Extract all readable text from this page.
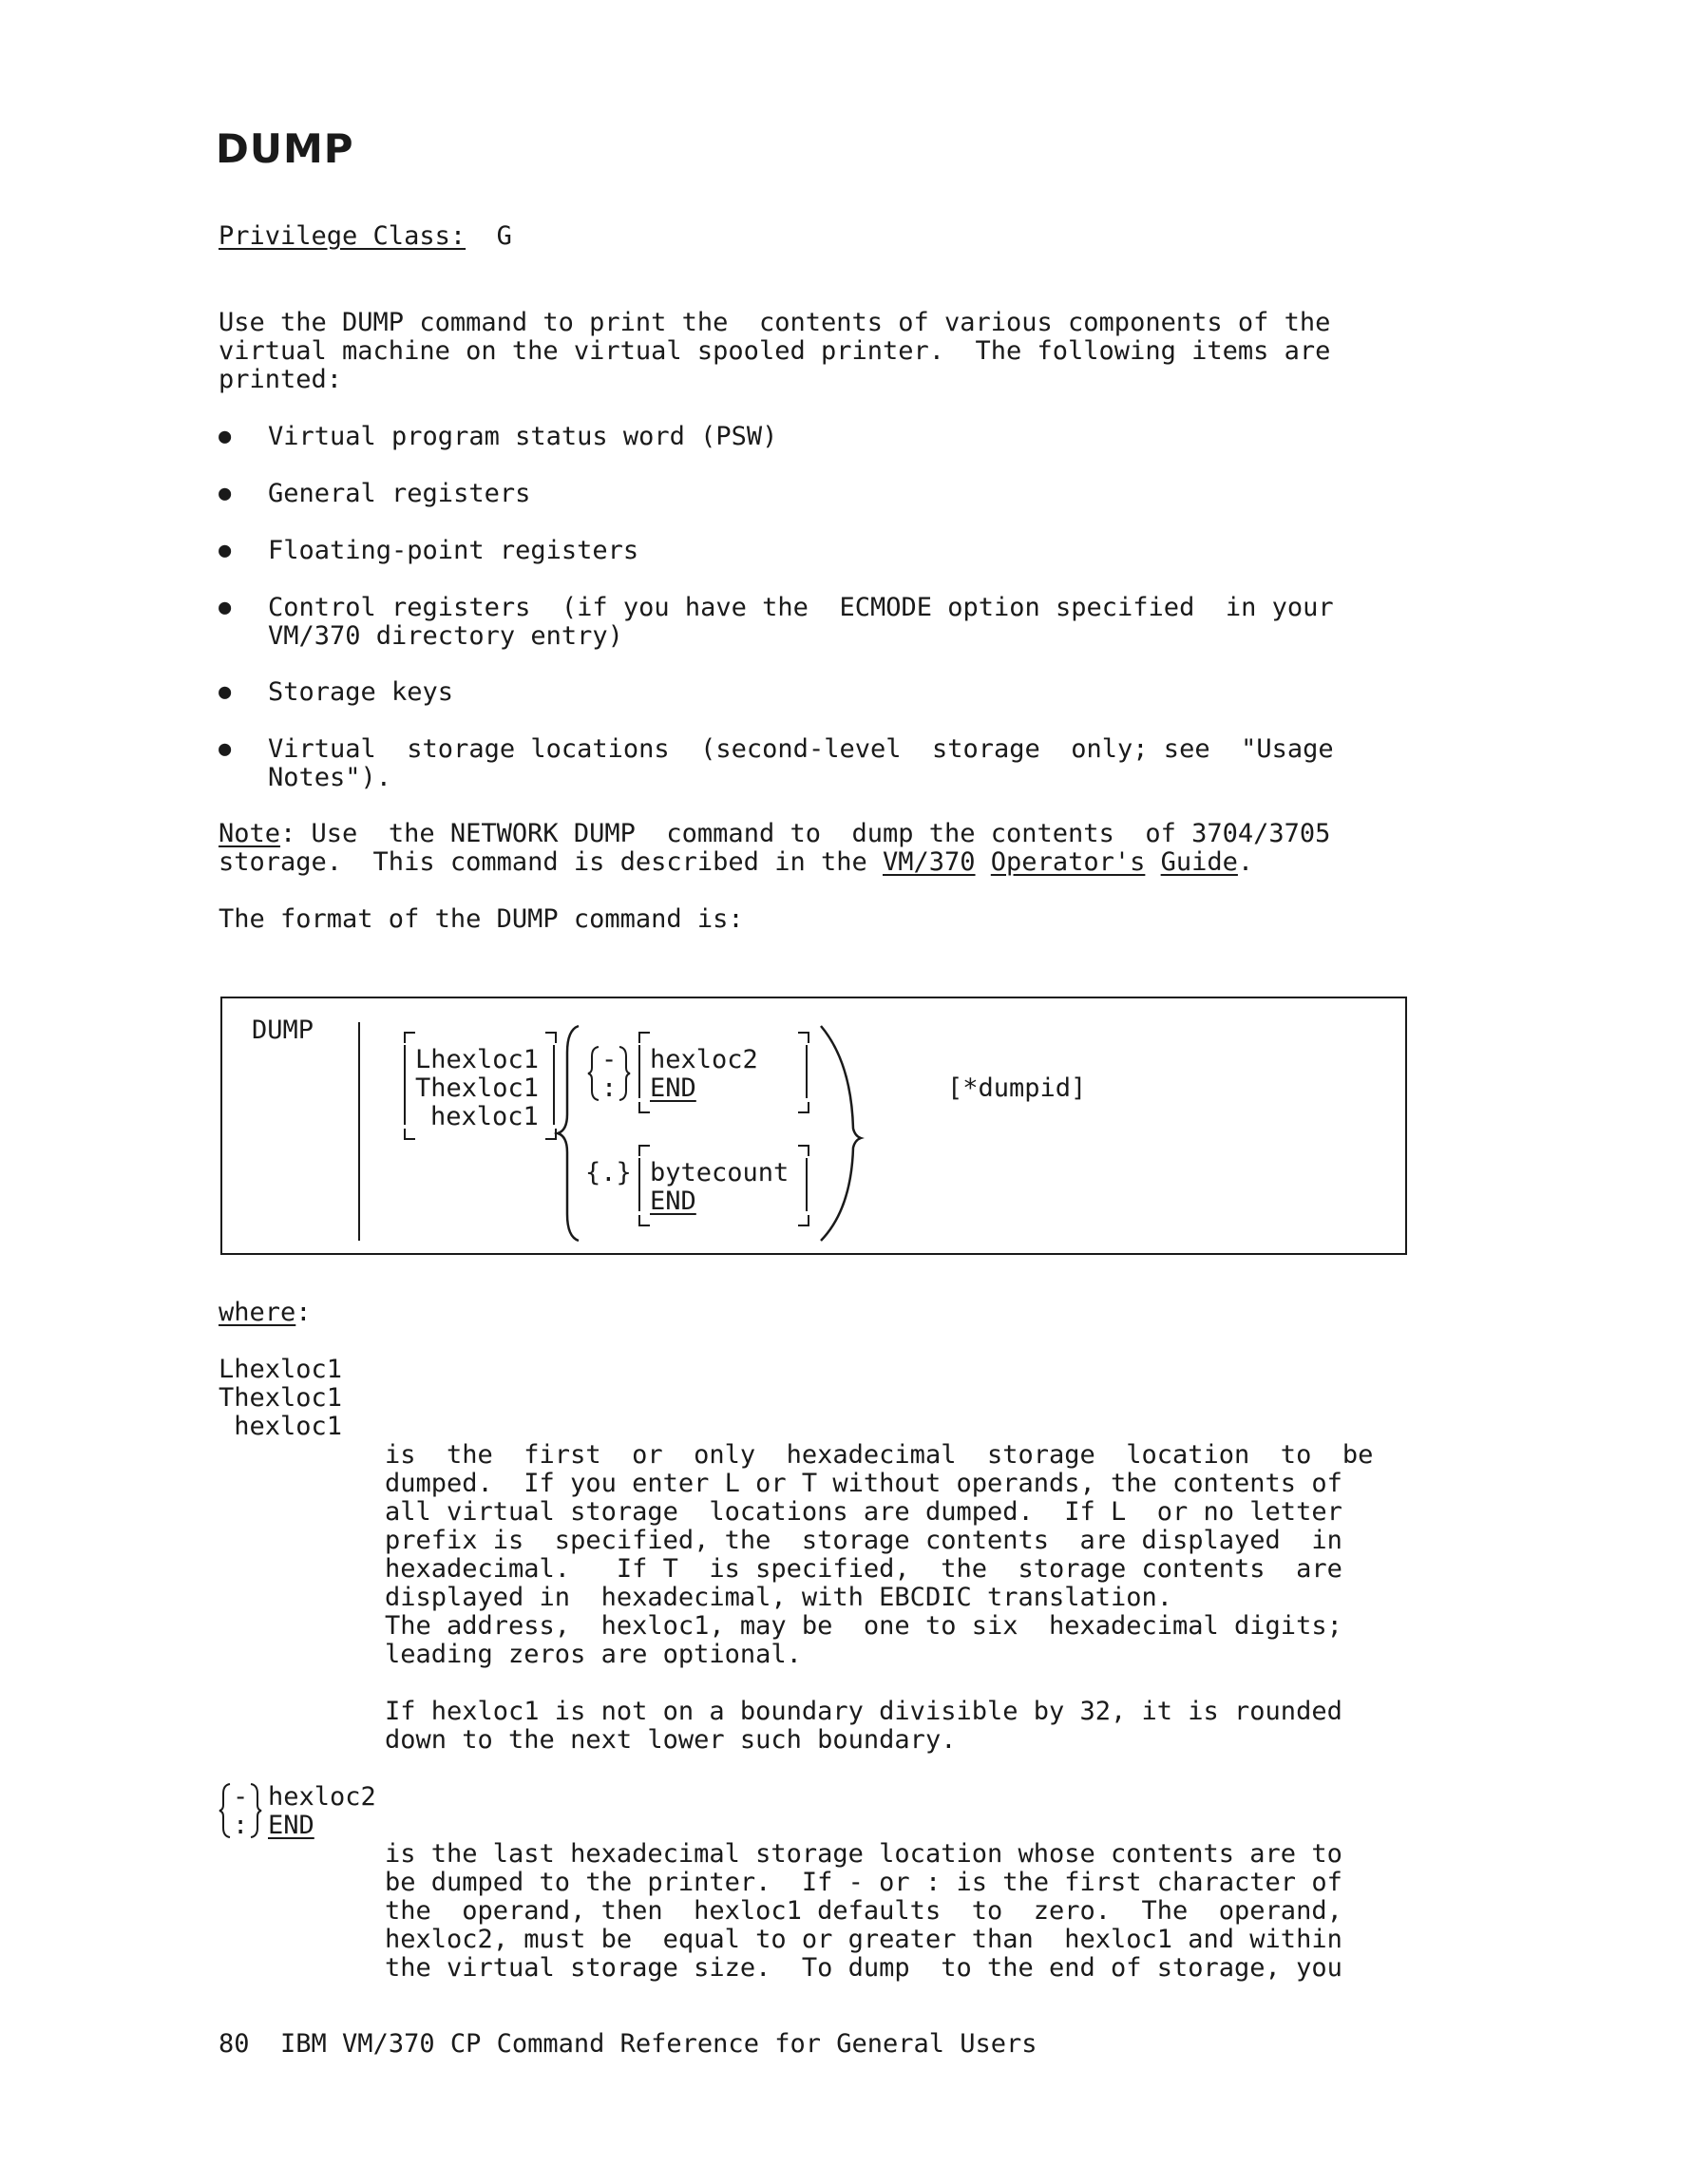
DUMP
Privilege Class: G
Use the DUMP command to print the  contents of various components of the
virtual machine on the virtual spooled printer.  The following items are
printed:
● Virtual program status word (PSW)
● General registers
● Floating-point registers
● Control registers  (if you have the  ECMODE option specified  in your
VM/370 directory entry)
● Storage keys
● Virtual  storage locations  (second-level  storage  only; see  "Usage
Notes").
Note: Use  the NETWORK DUMP  command to  dump the contents  of 3704/3705
storage.  This command is described in the VM/370 Operator's Guide.
The format of the DUMP command is:
DUMP
Lhexloc1
Thexloc1
hexloc1
-
:
hexloc2
END
{.} bytecount
END
[*dumpid]
where:
Lhexloc1
Thexloc1
hexloc1
is  the  first  or  only  hexadecimal  storage  location  to  be
dumped.  If you enter L or T without operands, the contents of
all virtual storage  locations are dumped.  If L  or no letter
prefix is  specified, the  storage contents  are displayed  in
hexadecimal.   If T  is specified,  the  storage contents  are
displayed in  hexadecimal, with EBCDIC translation.
The address,  hexloc1, may be  one to six  hexadecimal digits;
leading zeros are optional.
If hexloc1 is not on a boundary divisible by 32, it is rounded
down to the next lower such boundary.
-
:
hexloc2
END
is the last hexadecimal storage location whose contents are to
be dumped to the printer.  If - or : is the first character of
the  operand, then  hexloc1 defaults  to  zero.  The  operand,
hexloc2, must be  equal to or greater than  hexloc1 and within
the virtual storage size.  To dump  to the end of storage, you
80 IBM VM/370 CP Command Reference for General Users
